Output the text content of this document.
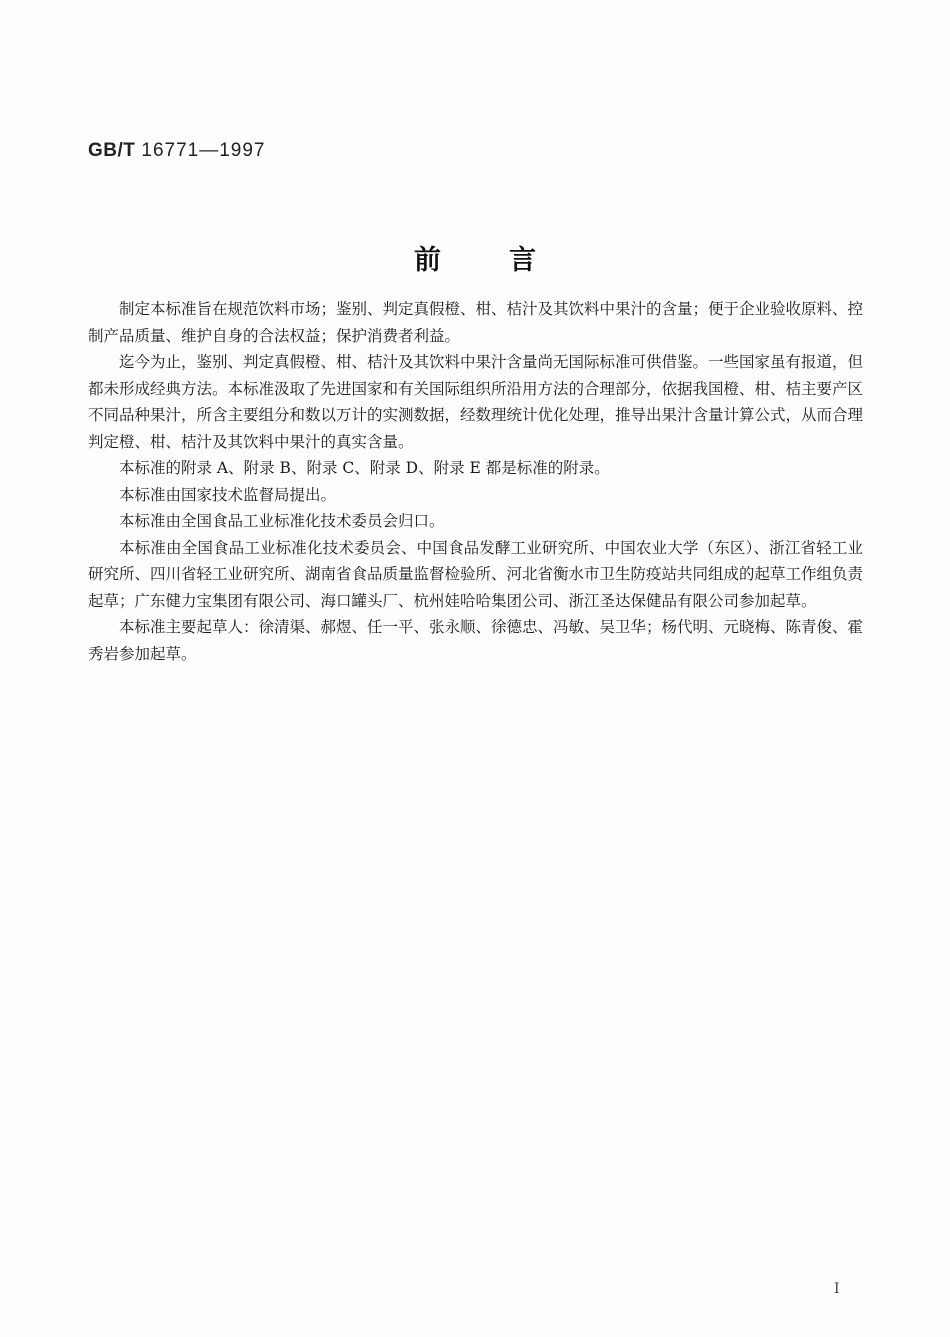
GB/T 16771—1997
前言

制定本标准旨在规范饮料市场；鉴别、判定真假橙、柑、桔汁及其饮料中果汁的含量；便于企业验收原料、控制产品质量、维护自身的合法权益；保护消费者利益。

迄今为止，鉴别、判定真假橙、柑、桔汁及其饮料中果汁含量尚无国际标准可供借鉴。一些国家虽有报道，但都未形成经典方法。本标准汲取了先进国家和有关国际组织所沿用方法的合理部分，依据我国橙、柑、桔主要产区不同品种果汁，所含主要组分和数以万计的实测数据，经数理统计优化处理，推导出果汁含量计算公式，从而合理判定橙、柑、桔汁及其饮料中果汁的真实含量。

本标准的附录 A、附录 B、附录 C、附录 D、附录 E 都是标准的附录。

本标准由国家技术监督局提出。

本标准由全国食品工业标准化技术委员会归口。

本标准由全国食品工业标准化技术委员会、中国食品发酵工业研究所、中国农业大学（东区）、浙江省轻工业研究所、四川省轻工业研究所、湖南省食品质量监督检验所、河北省衡水市卫生防疫站共同组成的起草工作组负责起草；广东健力宝集团有限公司、海口罐头厂、杭州娃哈哈集团公司、浙江圣达保健品有限公司参加起草。

本标准主要起草人：徐清渠、郝煜、任一平、张永顺、徐德忠、冯敏、吴卫华；杨代明、元晓梅、陈青俊、霍秀岩参加起草。

I
